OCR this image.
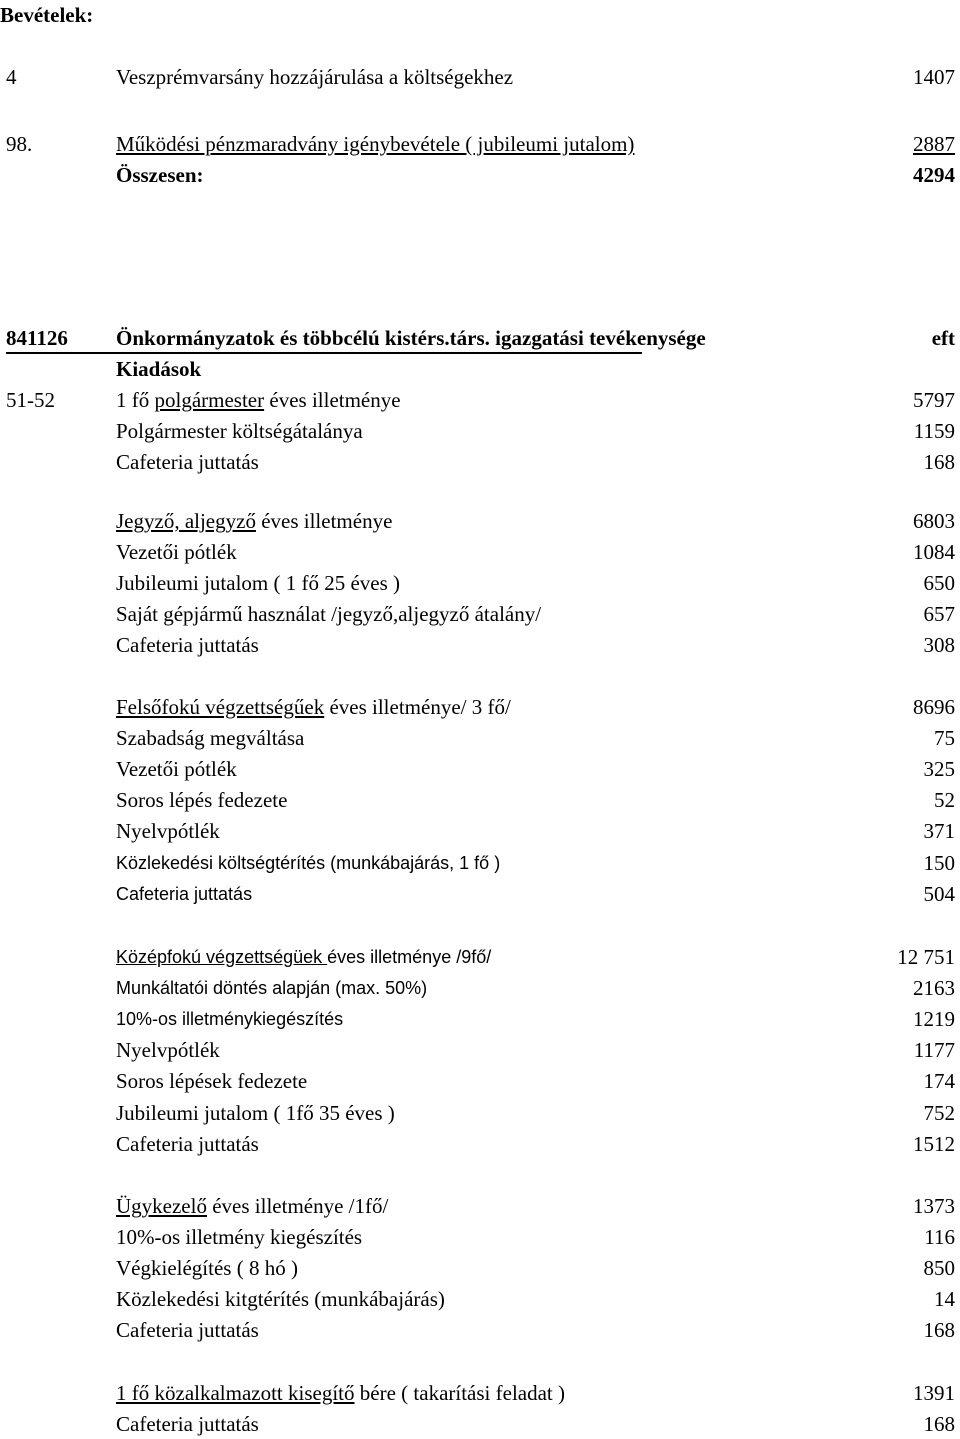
Bevételek:
4	Veszprémvarsány hozzájárulása a költségekhez	1407
98.	Működési pénzmaradvány igénybevétele ( jubileumi jutalom)	2887
Összesen:	4294
841126 Önkormányzatok és többcélú kistérs.társ. igazgatási tevékenysége	eft
Kiadások
51-52	1 fő polgármester éves illetménye	5797
Polgármester költségátalánya	1159
Cafeteria juttatás	168
Jegyző, aljegyző éves illetménye	6803
Vezetői pótlék	1084
Jubileumi jutalom ( 1 fő 25 éves )	650
Saját gépjármű használat /jegyző,aljegyző átalány/	657
Cafeteria juttatás	308
Felsőfokú végzettségűek éves illetménye/ 3 fő/	8696
Szabadság megváltása	75
Vezetői pótlék	325
Soros lépés fedezete	52
Nyelvpótlék	371
Közlekedési költségtérítés (munkábajárás, 1 fő )	150
Cafeteria juttatás	504
Középfokú végzettségüek éves illetménye /9fő/	12 751
Munkáltatói döntés alapján (max. 50%)	2163
10%-os illetménykiegészítés	1219
Nyelvpótlék	1177
Soros lépések fedezete	174
Jubileumi jutalom ( 1fő 35 éves )	752
Cafeteria juttatás	1512
Ügykezelő éves illetménye /1fő/	1373
10%-os illetmény kiegészítés	116
Végkielégítés ( 8 hó )	850
Közlekedési kitgtérítés (munkábajárás)	14
Cafeteria juttatás	168
1 fő közalkalmazott kisegítő bére ( takarítási feladat )	1391
Cafeteria juttatás	168
